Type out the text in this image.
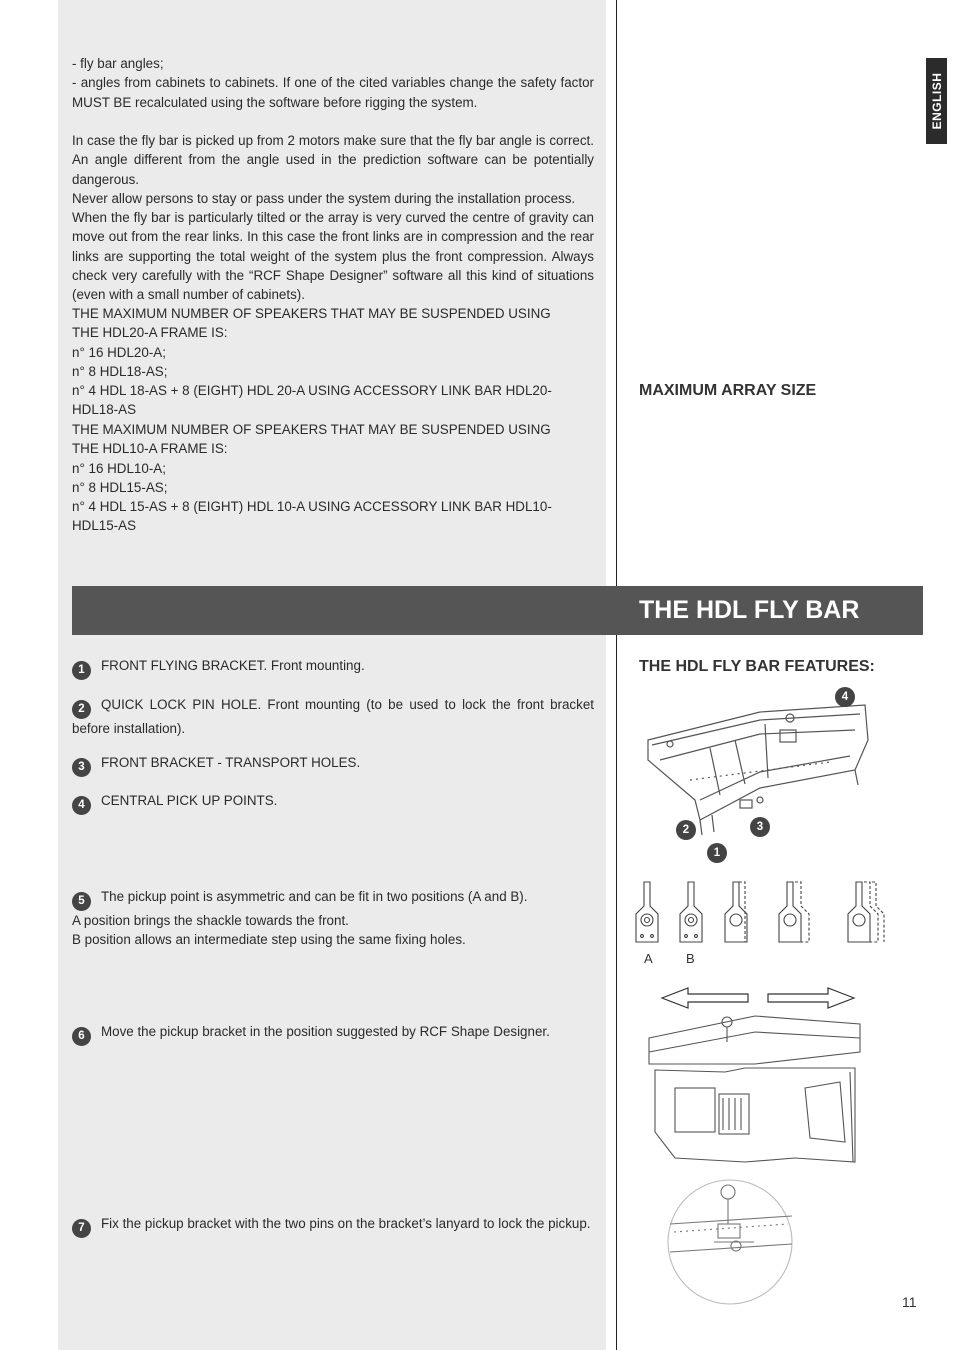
ENGLISH

- fly bar angles;

- angles from cabinets to cabinets. If one of the cited variables change the safety factor MUST BE recalculated using the software before rigging the system.

In case the fly bar is picked up from 2 motors make sure that the fly bar angle is correct. An angle different from the angle used in the prediction software can be potentially dangerous.

Never allow persons to stay or pass under the system during the installation process.

When the fly bar is particularly tilted or the array is very curved the centre of gravity can move out from the rear links. In this case the front links are in compression and the rear links are supporting the total weight of the system plus the front compression. Always check very carefully with the “RCF Shape Designer” software all this kind of situations (even with a small number of cabinets).

THE MAXIMUM NUMBER OF SPEAKERS THAT MAY BE SUSPENDED USING

THE HDL20-A FRAME IS:

n° 16 HDL20-A;

n° 8 HDL18-AS;

n° 4 HDL 18-AS + 8 (EIGHT) HDL 20-A USING ACCESSORY LINK BAR HDL20-HDL18-AS

THE MAXIMUM NUMBER OF SPEAKERS THAT MAY BE SUSPENDED USING

THE HDL10-A FRAME IS:

n° 16 HDL10-A;

n° 8 HDL15-AS;

n° 4 HDL 15-AS + 8 (EIGHT) HDL 10-A USING ACCESSORY LINK BAR HDL10-HDL15-AS

MAXIMUM ARRAY SIZE
THE HDL FLY BAR
THE HDL FLY BAR FEATURES:
1 FRONT FLYING BRACKET. Front mounting.
2 QUICK LOCK PIN HOLE. Front mounting (to be used to lock the front bracket before installation).
3 FRONT BRACKET - TRANSPORT HOLES.
4 CENTRAL PICK UP POINTS.
5 The pickup point is asymmetric and can be fit in two positions (A and B).
A position brings the shackle towards the front.
B position allows an intermediate step using the same fixing holes.
6 Move the pickup bracket in the position suggested by RCF Shape Designer.
7 Fix the pickup bracket with the two pins on the bracket’s lanyard to lock the pickup.
4
2	3
1
A	B
11
